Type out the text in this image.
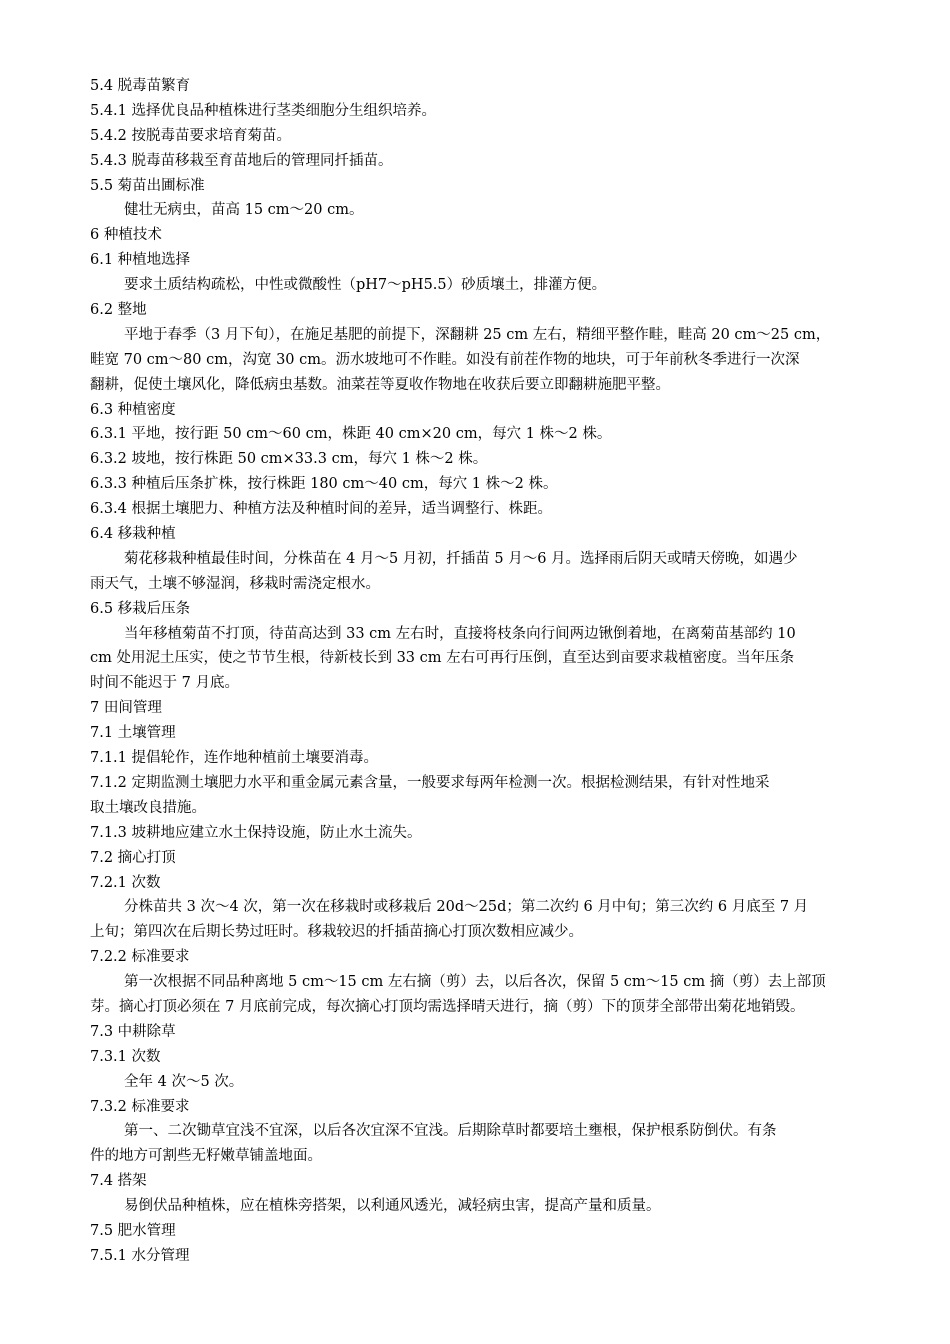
5.4 脱毒苗繁育
5.4.1 选择优良品种植株进行茎类细胞分生组织培养。
5.4.2 按脱毒苗要求培育菊苗。
5.4.3 脱毒苗移栽至育苗地后的管理同扦插苗。
5.5 菊苗出圃标准
健壮无病虫，苗高 15 cm～20 cm。
6 种植技术
6.1 种植地选择
要求土质结构疏松，中性或微酸性（pH7～pH5.5）砂质壤土，排灌方便。
6.2 整地
平地于春季（3 月下旬），在施足基肥的前提下，深翻耕 25 cm 左右，精细平整作畦，畦高 20 cm～25 cm，
畦宽 70 cm～80 cm，沟宽 30 cm。沥水坡地可不作畦。如没有前茬作物的地块，可于年前秋冬季进行一次深
翻耕，促使土壤风化，降低病虫基数。油菜茬等夏收作物地在收获后要立即翻耕施肥平整。
6.3 种植密度
6.3.1 平地，按行距 50 cm～60 cm，株距 40 cm×20 cm，每穴 1 株～2 株。
6.3.2 坡地，按行株距 50 cm×33.3 cm，每穴 1 株～2 株。
6.3.3 种植后压条扩株，按行株距 180 cm～40 cm，每穴 1 株～2 株。
6.3.4 根据土壤肥力、种植方法及种植时间的差异，适当调整行、株距。
6.4 移栽种植
菊花移栽种植最佳时间，分株苗在 4 月～5 月初，扦插苗 5 月～6 月。选择雨后阴天或晴天傍晚，如遇少
雨天气，土壤不够湿润，移栽时需浇定根水。
6.5 移栽后压条
当年移植菊苗不打顶，待苗高达到 33 cm 左右时，直接将枝条向行间两边锹倒着地，在离菊苗基部约 10
cm 处用泥土压实，使之节节生根，待新枝长到 33 cm 左右可再行压倒，直至达到亩要求栽植密度。当年压条
时间不能迟于 7 月底。
7 田间管理
7.1 土壤管理
7.1.1 提倡轮作，连作地种植前土壤要消毒。
7.1.2 定期监测土壤肥力水平和重金属元素含量，一般要求每两年检测一次。根据检测结果，有针对性地采
取土壤改良措施。
7.1.3 坡耕地应建立水土保持设施，防止水土流失。
7.2 摘心打顶
7.2.1 次数
分株苗共 3 次～4 次，第一次在移栽时或移栽后 20d～25d；第二次约 6 月中旬；第三次约 6 月底至 7 月
上旬；第四次在后期长势过旺时。移栽较迟的扦插苗摘心打顶次数相应减少。
7.2.2 标准要求
第一次根据不同品种离地 5 cm～15 cm 左右摘（剪）去，以后各次，保留 5 cm～15 cm 摘（剪）去上部顶
芽。摘心打顶必须在 7 月底前完成，每次摘心打顶均需选择晴天进行，摘（剪）下的顶芽全部带出菊花地销毁。
7.3 中耕除草
7.3.1 次数
全年 4 次～5 次。
7.3.2 标准要求
第一、二次锄草宜浅不宜深，以后各次宜深不宜浅。后期除草时都要培土壅根，保护根系防倒伏。有条
件的地方可割些无籽嫩草铺盖地面。
7.4 搭架
易倒伏品种植株，应在植株旁搭架，以利通风透光，减轻病虫害，提高产量和质量。
7.5 肥水管理
7.5.1 水分管理
